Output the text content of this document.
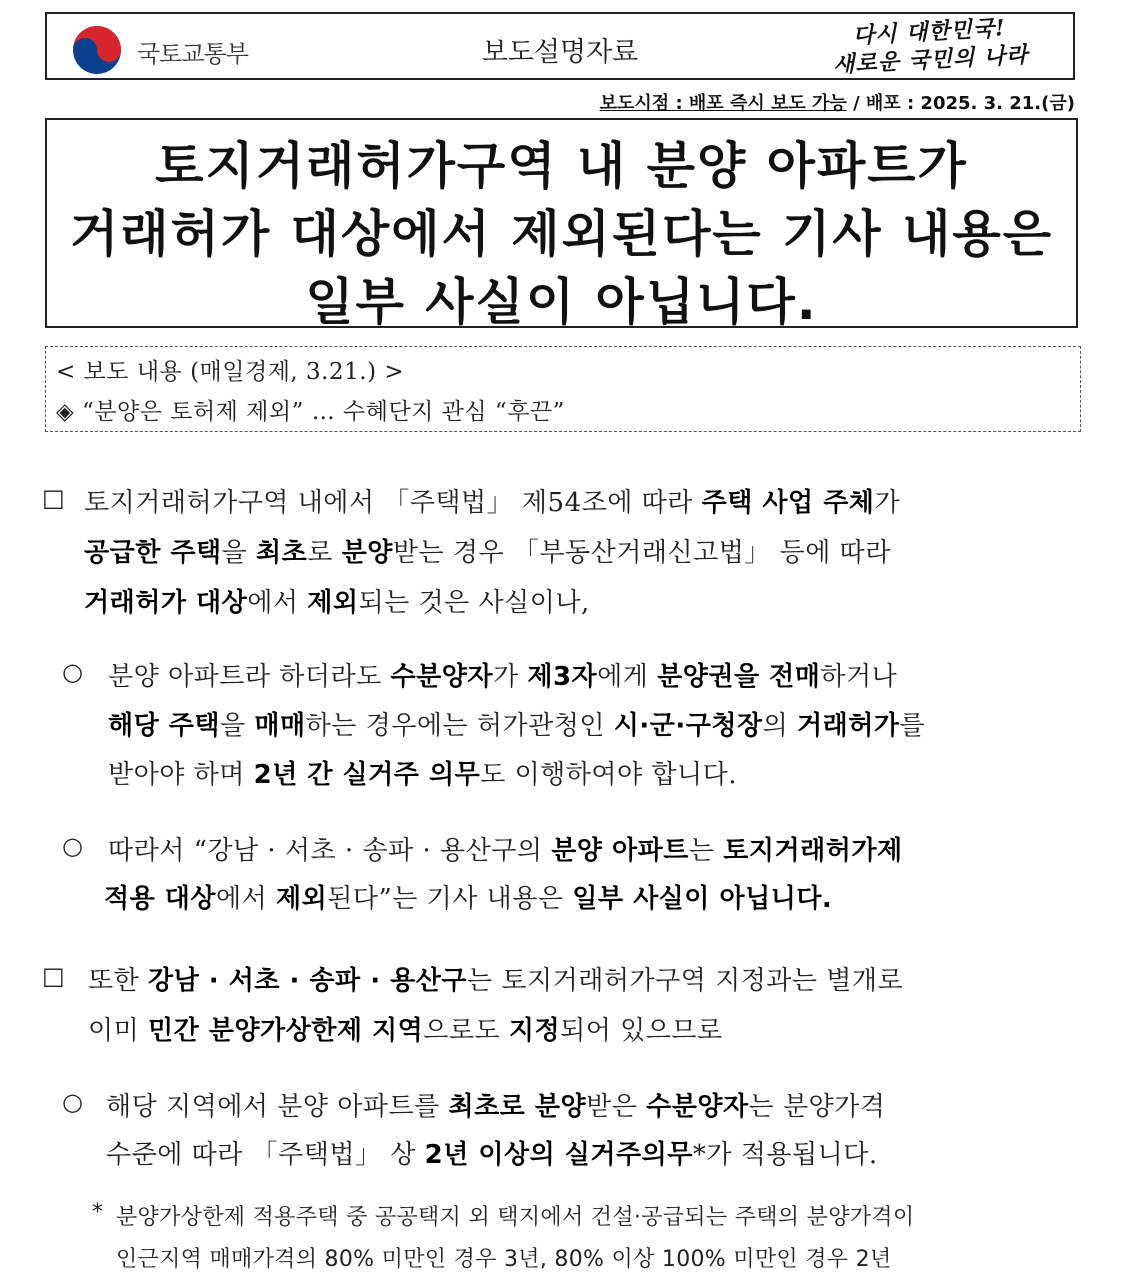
국토교통부	보도설명자료
다시 대한민국!
새로운 국민의 나라
보도시점 : 배포 즉시 보도 가능 / 배포 : 2025. 3. 21.(금)
토지거래허가구역 내 분양 아파트가
거래허가 대상에서 제외된다는 기사 내용은
일부 사실이 아닙니다.
< 보도 내용 (매일경제, 3.21.) >
◈ “분양은 토허제 제외” … 수혜단지 관심 “후끈”
□ 토지거래허가구역 내에서 「주택법」 제54조에 따라 주택 사업 주체가
공급한 주택을 최초로 분양받는 경우 「부동산거래신고법」 등에 따라
거래허가 대상에서 제외되는 것은 사실이나,
○ 분양 아파트라 하더라도 수분양자가 제3자에게 분양권을 전매하거나
해당 주택을 매매하는 경우에는 허가관청인 시·군·구청장의 거래허가를
받아야 하며 2년 간 실거주 의무도 이행하여야 합니다.
○ 따라서 “강남 · 서초 · 송파 · 용산구의 분양 아파트는 토지거래허가제
적용 대상에서 제외된다”는 기사 내용은 일부 사실이 아닙니다.
□ 또한 강남 · 서초 · 송파 · 용산구는 토지거래허가구역 지정과는 별개로
이미 민간 분양가상한제 지역으로도 지정되어 있으므로
○ 해당 지역에서 분양 아파트를 최초로 분양받은 수분양자는 분양가격
수준에 따라 「주택법」 상 2년 이상의 실거주의무*가 적용됩니다.
* 분양가상한제 적용주택 중 공공택지 외 택지에서 건설·공급되는 주택의 분양가격이
인근지역 매매가격의 80% 미만인 경우 3년, 80% 이상 100% 미만인 경우 2년
